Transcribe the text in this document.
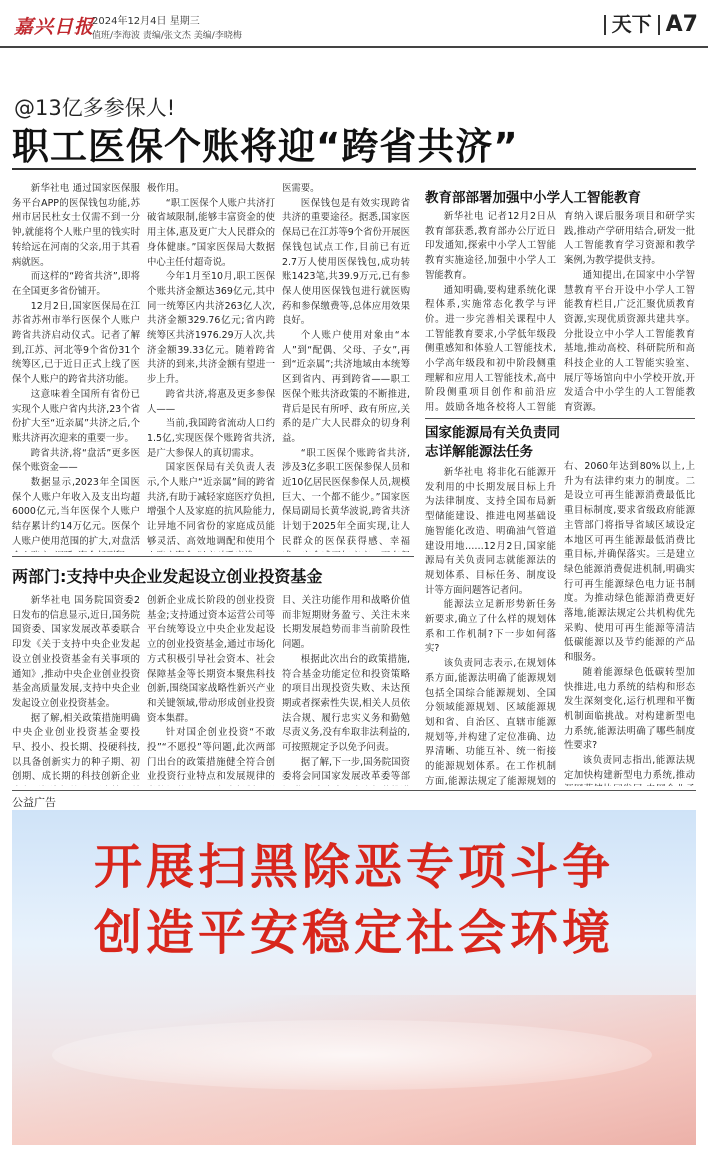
嘉兴日报
2024年12月4日 星期三
值班/李海波 责编/张文杰 美编/李晓梅	天下 A7
@13亿多参保人!
职工医保个账将迎“跨省共济”

新华社电 通过国家医保服务平台APP的医保钱包功能,苏州市居民杜女士仅需不到一分钟,就能将个人账户里的钱实时转给远在河南的父亲,用于其看病就医。

而这样的“跨省共济”,即将在全国更多省份铺开。

12月2日,国家医保局在江苏省苏州市举行医保个人账户跨省共济启动仪式。记者了解到,江苏、河北等9个省份31个统筹区,已于近日正式上线了医保个人账户的跨省共济功能。

这意味着全国所有省份已实现个人账户省内共济,23个省份扩大至“近亲属”共济之后,个账共济再次迎来的重要一步。

跨省共济,将“盘活”更多医保个账资金——

数据显示,2023年全国医保个人账户年收入及支出均超6000亿元,当年医保个人账户结存累计约14万亿元。医保个人账户使用范围的扩大,对盘活

极作用。

“职工医保个人账户共济打破省域限制,能够丰富资金的使用主体,惠及更广大人民群众的身体健康。”国家医保局大数据中心主任付超奇说。

今年1月至10月,职工医保个账共济金额达369亿元,其中同一统筹区内共济263亿人次,共济金额329.76亿元;省内跨统筹区共济1976.29万人次,共济金额39.33亿元。随着跨省共济的到来,共济金额有望进一步上升。

跨省共济,将惠及更多参保人——

当前,我国跨省流动人口约1.5亿,实现医保个账跨省共济,是广大参保人的真切需求。

国家医保局有关负责人表示,个人账户“近亲属”间的跨省共济,有助于减轻家庭医疗负担,增强个人及家庭的抗风险能力,让异地不同省份的家庭成员能够灵活、高效地调配和使用个

医需要。

医保钱包是有效实现跨省共济的重要途径。据悉,国家医保局已在江苏等9个省份开展医保钱包试点工作,目前已有近2.7万人使用医保钱包,成功转账1423笔,共39.9万元,已有参保人使用医保钱包进行就医购药和参保缴费等,总体应用效果良好。

个人账户使用对象由“本人”到“配偶、父母、子女”,再到“近亲属”;共济地域由本统筹区到省内、再到跨省——职工医保个账共济政策的不断推进,背后是民有所呼、政有所应,关系的是广大人民群众的切身利益。

“职工医保个账跨省共济,涉及3亿多职工医保参保人员和近10亿居民医保参保人员,规模巨大、一个都不能少。”国家医保局副局长黄华波说,跨省共济计划于2025年全面实现,让人民群众的医保获得感、幸福

教育部部署加强中小学人工智能教育

新华社电 记者12月2日从教育部获悉,教育部办公厅近日印发通知,探索中小学人工智能教育实施途径,加强中小学人工智能教育。

通知明确,要构建系统化课程体系,实施常态化教学与评价。进一步完善相关课程中人工智能教育要求,小学低年级段侧重感知和体验人工智能技术,小学高年级段和初中阶段侧重理解和应用人工智能技术,高中阶段侧重项目创作和前沿应用。鼓励各地各校将人工智能

育纳入课后服务项目和研学实践,推动产学研用结合,研发一批人工智能教育学习资源和教学案例,为教学提供支持。

通知提出,在国家中小学智慧教育平台开设中小学人工智能教育栏目,广泛汇聚优质教育资源,实现优质资源共建共享。分批设立中小学人工智能教育基地,推动高校、科研院所和高科技企业的人工智能实验室、展厅等场馆向中小学校开放,开发适合中小学生的人工智能教育资源。

国家能源局有关负责同志详解能源法任务

新华社电 将非化石能源开发利用的中长期发展目标上升为法律制度、支持全国布局新型储能建设、推进电网基础设施智能化改造、明确油气管道建设用地……12月2日,国家能源局有关负责同志就能源法的规划体系、目标任务、制度设计等方面问题答记者问。

能源法立足新形势新任务新要求,确立了什么样的规划体系和工作机制?下一步如何落实?

该负责同志表示,在规划体系方面,能源法明确了能源规划包括全国综合能源规划、全国分领域能源规划、区域能源规划和省、自治区、直辖市能源规划等,并构建了定位准确、边界清晰、功能互补、统一衔接的能源规划体系。在工作机制方面,能源法规定了能源规划的

右、2060年达到80%以上,上升为有法律约束力的制度。二是设立可再生能源消费最低比重目标制度,要求省级政府能源主管部门将指导省域区域设定本地区可再生能源最低消费比重目标,并确保落实。三是建立绿色能源消费促进机制,明确实行可再生能源绿色电力证书制度。为推动绿色能源消费更好落地,能源法规定公共机构优先采购、使用可再生能源等清洁低碳能源以及节约能源的产品和服务。

随着能源绿色低碳转型加快推进,电力系统的结构和形态发生深刻变化,运行机理和平衡机制面临挑战。对构建新型电力系统,能源法明确了哪些制度性要求?

该负责同志指出,能源法规定加快构建新型电力系统,推动

两部门:支持中央企业发起设立创业投资基金

新华社电 国务院国资委2日发布的信息显示,近日,国务院国资委、国家发展改革委联合印发《关于支持中央企业发起设立创业投资基金有关事项的通知》,推动中央企业创业投资基金高质量发展,支持中央企业发起设立创业投资基金。

据了解,相关政策措施明确中央企业创业投资基金要投早、投小、投长期、投硬科技,以具备创新实力的种子期、初创期、成长期的科技创新企业

创新企业成长阶段的创业投资基金;支持通过资本运营公司等平台统筹设立中央企业发起设立的创业投资基金,通过市场化方式积极引导社会资本、社会保障基金等长期资本聚焦科技创新,围绕国家战略性新兴产业和关键领域,带动形成创业投资资本集群。

针对国企创业投资“不敢投”“不愿投”等问题,此次两部门出台的政策措施健全符合创业投资行业特点和发展规律的

目、关注功能作用和战略价值而非短期财务盈亏、关注未来长期发展趋势而非当前阶段性问题。

根据此次出台的政策措施,符合基金功能定位和投资策略的项目出现投资失败、未达预期或者探索性失误,相关人员依法合规、履行忠实义务和勤勉尽责义务,没有牟取非法利益的,可按照规定予以免予问责。

据了解,下一步,国务院国资委将会同国家发展改革委等部

公益广告
开展扫黑除恶专项斗争
创造平安稳定社会环境
